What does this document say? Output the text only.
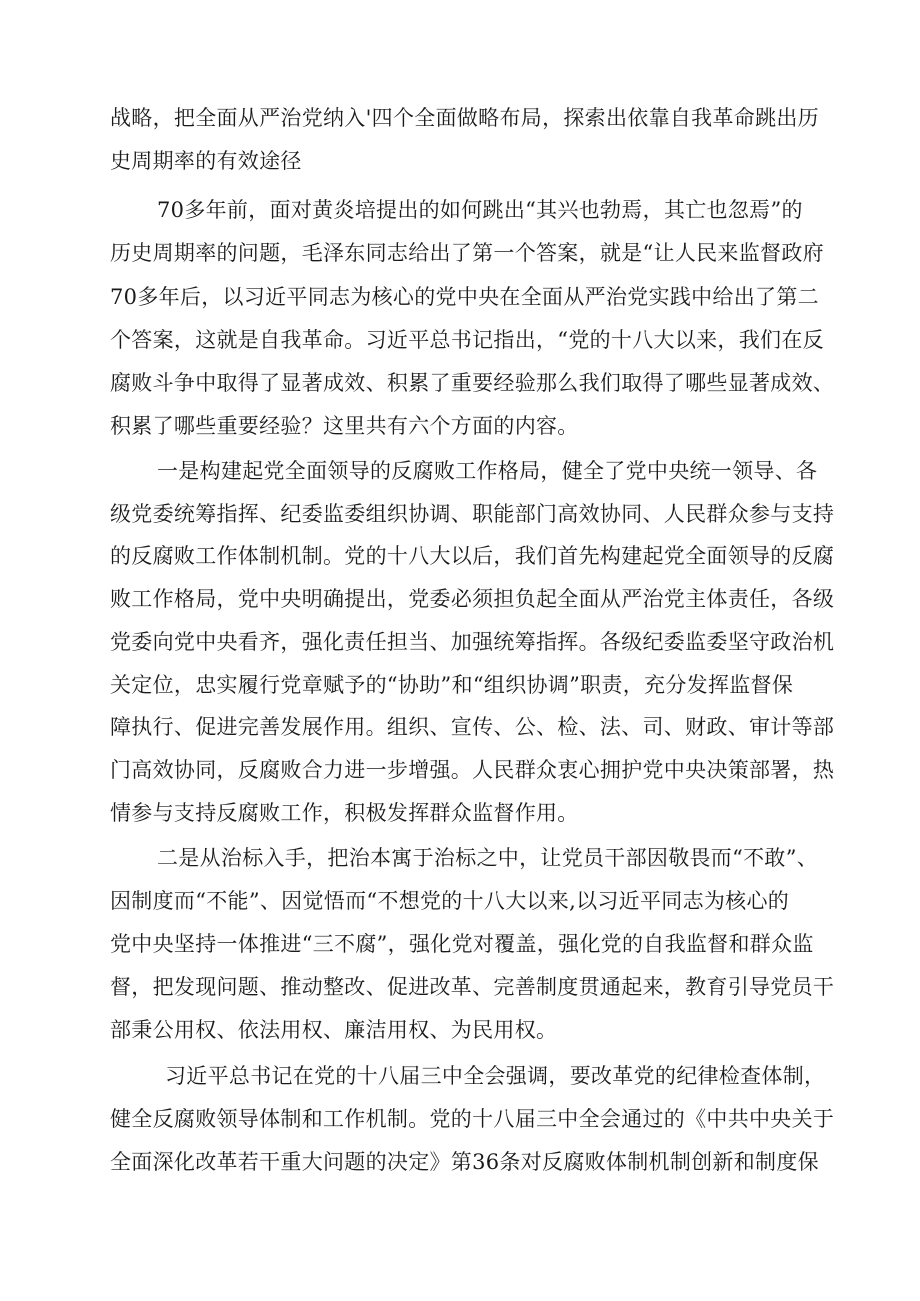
战略，把全面从严治党纳入'四个全面做略布局，探索出依靠自我革命跳出历
史周期率的有效途径
70多年前，面对黄炎培提出的如何跳出“其兴也勃焉，其亡也忽焉”的
历史周期率的问题，毛泽东同志给出了第一个答案，就是“让人民来监督政府
70多年后，以习近平同志为核心的党中央在全面从严治党实践中给出了第二
个答案，这就是自我革命。习近平总书记指出，“党的十八大以来，我们在反
腐败斗争中取得了显著成效、积累了重要经验那么我们取得了哪些显著成效、
积累了哪些重要经验？这里共有六个方面的内容。
一是构建起党全面领导的反腐败工作格局，健全了党中央统一领导、各
级党委统筹指挥、纪委监委组织协调、职能部门高效协同、人民群众参与支持
的反腐败工作体制机制。党的十八大以后，我们首先构建起党全面领导的反腐
败工作格局，党中央明确提出，党委必须担负起全面从严治党主体责任，各级
党委向党中央看齐，强化责任担当、加强统筹指挥。各级纪委监委坚守政治机
关定位，忠实履行党章赋予的“协助”和“组织协调”职责，充分发挥监督保
障执行、促进完善发展作用。组织、宣传、公、检、法、司、财政、审计等部
门高效协同，反腐败合力进一步增强。人民群众衷心拥护党中央决策部署，热
情参与支持反腐败工作，积极发挥群众监督作用。
二是从治标入手，把治本寓于治标之中，让党员干部因敬畏而“不敢”、
因制度而“不能”、因觉悟而“不想党的十八大以来,以习近平同志为核心的
党中央坚持一体推进“三不腐”，强化党对覆盖，强化党的自我监督和群众监
督，把发现问题、推动整改、促进改革、完善制度贯通起来，教育引导党员干
部秉公用权、依法用权、廉洁用权、为民用权。
习近平总书记在党的十八届三中全会强调，要改革党的纪律检查体制，
健全反腐败领导体制和工作机制。党的十八届三中全会通过的《中共中央关于
全面深化改革若干重大问题的决定》第36条对反腐败体制机制创新和制度保
